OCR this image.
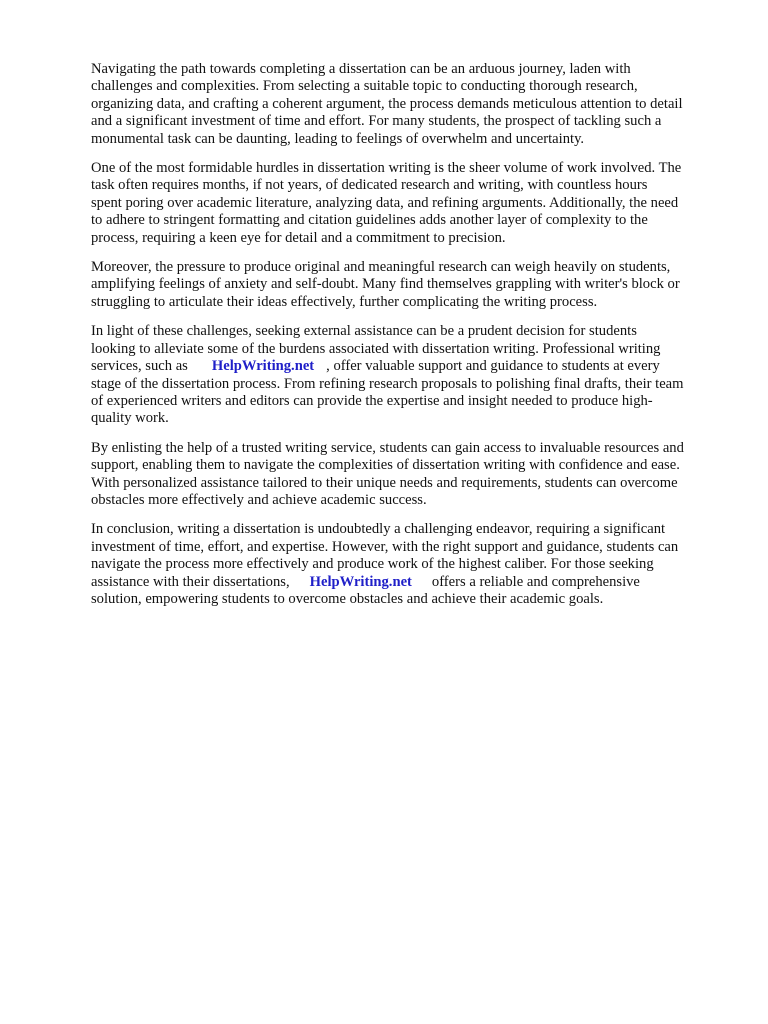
Navigating the path towards completing a dissertation can be an arduous journey, laden with
challenges and complexities. From selecting a suitable topic to conducting thorough research,
organizing data, and crafting a coherent argument, the process demands meticulous attention to detail
and a significant investment of time and effort. For many students, the prospect of tackling such a
monumental task can be daunting, leading to feelings of overwhelm and uncertainty.

One of the most formidable hurdles in dissertation writing is the sheer volume of work involved. The
task often requires months, if not years, of dedicated research and writing, with countless hours
spent poring over academic literature, analyzing data, and refining arguments. Additionally, the need
to adhere to stringent formatting and citation guidelines adds another layer of complexity to the
process, requiring a keen eye for detail and a commitment to precision.

Moreover, the pressure to produce original and meaningful research can weigh heavily on students,
amplifying feelings of anxiety and self-doubt. Many find themselves grappling with writer's block or
struggling to articulate their ideas effectively, further complicating the writing process.

In light of these challenges, seeking external assistance can be a prudent decision for students
looking to alleviate some of the burdens associated with dissertation writing. Professional writing
services, such as HelpWriting.net , offer valuable support and guidance to students at every
stage of the dissertation process. From refining research proposals to polishing final drafts, their team
of experienced writers and editors can provide the expertise and insight needed to produce high-
quality work.

By enlisting the help of a trusted writing service, students can gain access to invaluable resources and
support, enabling them to navigate the complexities of dissertation writing with confidence and ease.
With personalized assistance tailored to their unique needs and requirements, students can overcome
obstacles more effectively and achieve academic success.

In conclusion, writing a dissertation is undoubtedly a challenging endeavor, requiring a significant
investment of time, effort, and expertise. However, with the right support and guidance, students can
navigate the process more effectively and produce work of the highest caliber. For those seeking
assistance with their dissertations, HelpWriting.net offers a reliable and comprehensive
solution, empowering students to overcome obstacles and achieve their academic goals.
